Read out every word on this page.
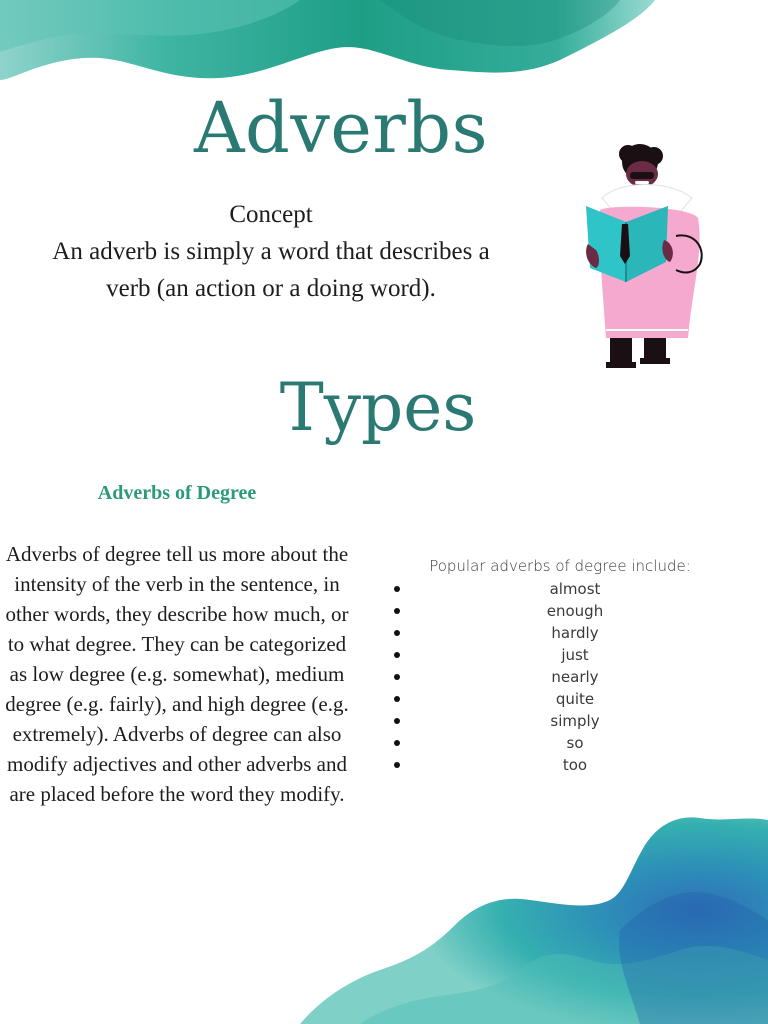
Adverbs
Concept
An adverb is simply a word that describes a
verb (an action or a doing word).
Types
Adverbs of Degree
Adverbs of degree tell us more about the intensity of the verb in the sentence, in other words, they describe how much, or to what degree. They can be categorized as low degree (e.g. somewhat), medium degree (e.g. fairly), and high degree (e.g. extremely). Adverbs of degree can also modify adjectives and other adverbs and are placed before the word they modify.
Popular adverbs of degree include:
almost
enough
hardly
just
nearly
quite
simply
so
too
